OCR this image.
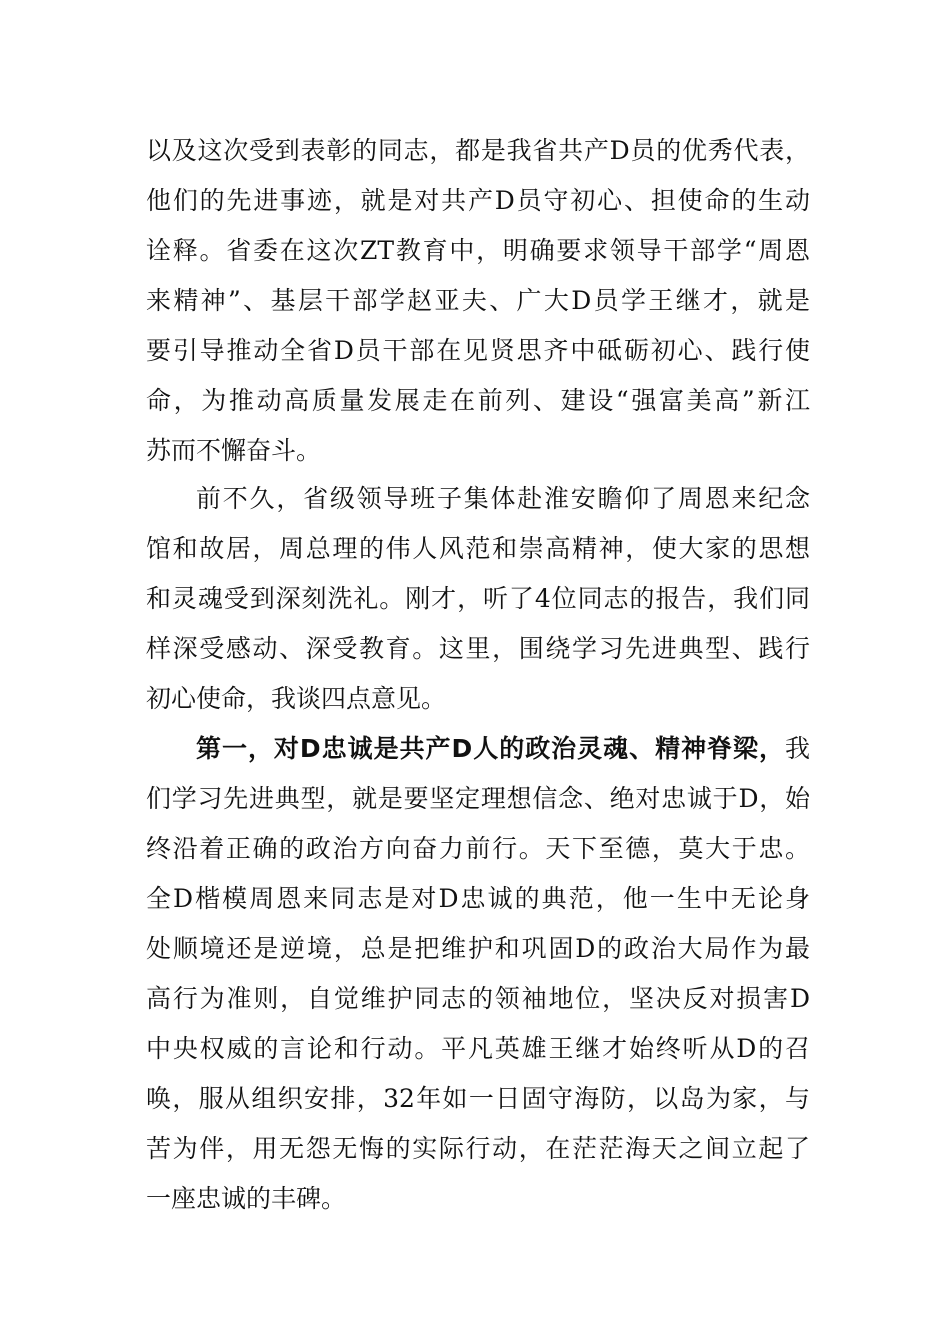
以及这次受到表彰的同志，都是我省共产D员的优秀代表，
他们的先进事迹，就是对共产D员守初心、担使命的生动
诠释。省委在这次ZT教育中，明确要求领导干部学“周恩
来精神”、基层干部学赵亚夫、广大D员学王继才，就是
要引导推动全省D员干部在见贤思齐中砥砺初心、践行使
命，为推动高质量发展走在前列、建设“强富美高”新江
苏而不懈奋斗。
前不久，省级领导班子集体赴淮安瞻仰了周恩来纪念
馆和故居，周总理的伟人风范和崇高精神，使大家的思想
和灵魂受到深刻洗礼。刚才，听了4位同志的报告，我们同
样深受感动、深受教育。这里，围绕学习先进典型、践行
初心使命，我谈四点意见。
第一，对D忠诚是共产D人的政治灵魂、精神脊梁，我
们学习先进典型，就是要坚定理想信念、绝对忠诚于D，始
终沿着正确的政治方向奋力前行。天下至德，莫大于忠。
全D楷模周恩来同志是对D忠诚的典范，他一生中无论身
处顺境还是逆境，总是把维护和巩固D的政治大局作为最
高行为准则，自觉维护同志的领袖地位，坚决反对损害D
中央权威的言论和行动。平凡英雄王继才始终听从D的召
唤，服从组织安排，32年如一日固守海防，以岛为家，与
苦为伴，用无怨无悔的实际行动，在茫茫海天之间立起了
一座忠诚的丰碑。
